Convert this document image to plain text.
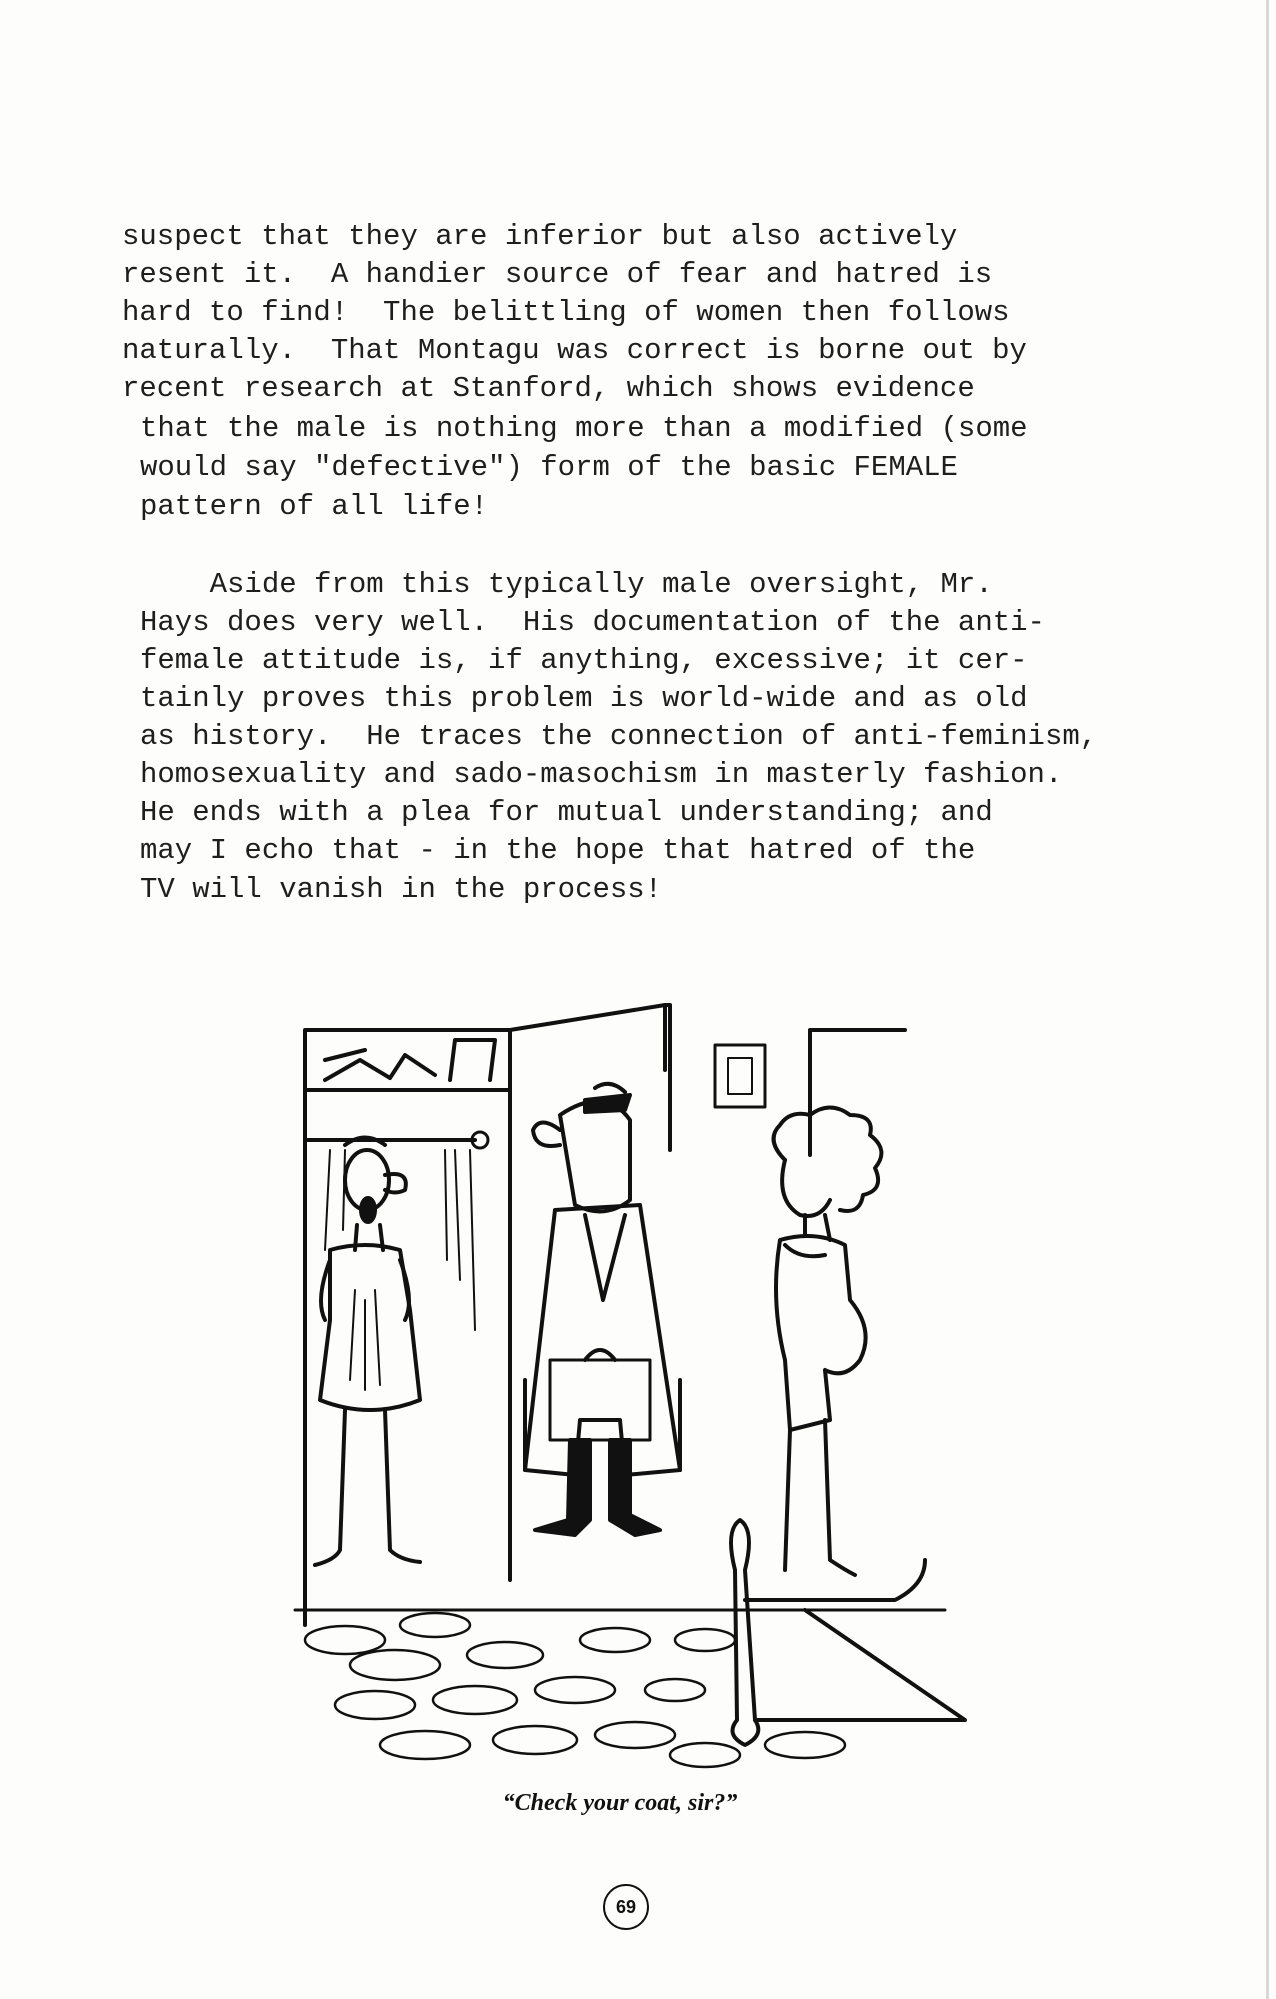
suspect that they are inferior but also actively

resent it.  A handier source of fear and hatred is

hard to find!  The belittling of women then follows

naturally.  That Montagu was correct is borne out by

recent research at Stanford, which shows evidence

that the male is nothing more than a modified (some

would say "defective") form of the basic FEMALE

pattern of all life!

Aside from this typically male oversight, Mr.

Hays does very well.  His documentation of the anti-

female attitude is, if anything, excessive; it cer-

tainly proves this problem is world-wide and as old

as history.  He traces the connection of anti-feminism,

homosexuality and sado-masochism in masterly fashion.

He ends with a plea for mutual understanding; and

may I echo that - in the hope that hatred of the

TV will vanish in the process!

“Check your coat, sir?”
69
